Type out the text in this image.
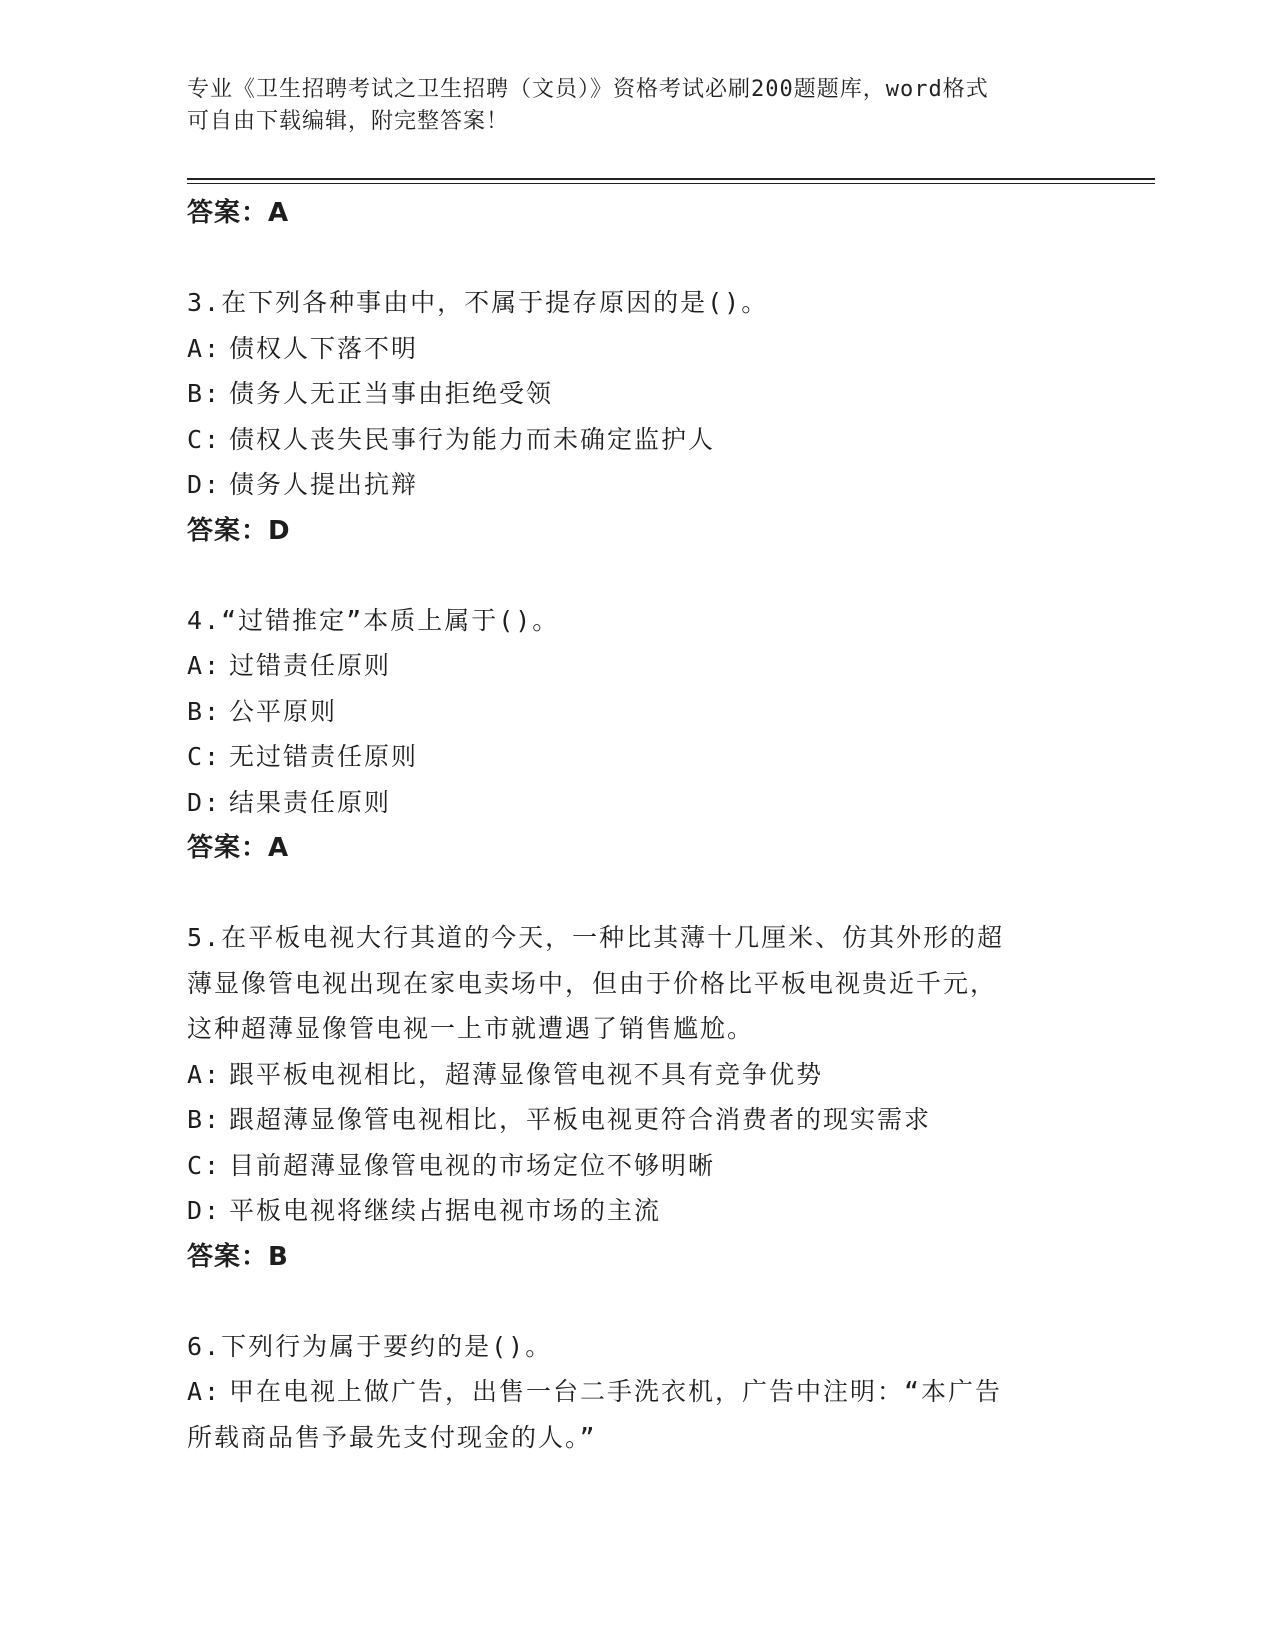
专业《卫生招聘考试之卫生招聘（文员）》资格考试必刷200题题库，word格式
可自由下载编辑，附完整答案！
答案：A
3.在下列各种事由中，不属于提存原因的是()。
A: 债权人下落不明
B: 债务人无正当事由拒绝受领
C: 债权人丧失民事行为能力而未确定监护人
D: 债务人提出抗辩
答案：D
4.“过错推定”本质上属于()。
A: 过错责任原则
B: 公平原则
C: 无过错责任原则
D: 结果责任原则
答案：A
5.在平板电视大行其道的今天，一种比其薄十几厘米、仿其外形的超
薄显像管电视出现在家电卖场中，但由于价格比平板电视贵近千元，
这种超薄显像管电视一上市就遭遇了销售尴尬。
A: 跟平板电视相比，超薄显像管电视不具有竞争优势
B: 跟超薄显像管电视相比，平板电视更符合消费者的现实需求
C: 目前超薄显像管电视的市场定位不够明晰
D: 平板电视将继续占据电视市场的主流
答案：B
6.下列行为属于要约的是()。
A: 甲在电视上做广告，出售一台二手洗衣机，广告中注明：“本广告
所载商品售予最先支付现金的人。”
